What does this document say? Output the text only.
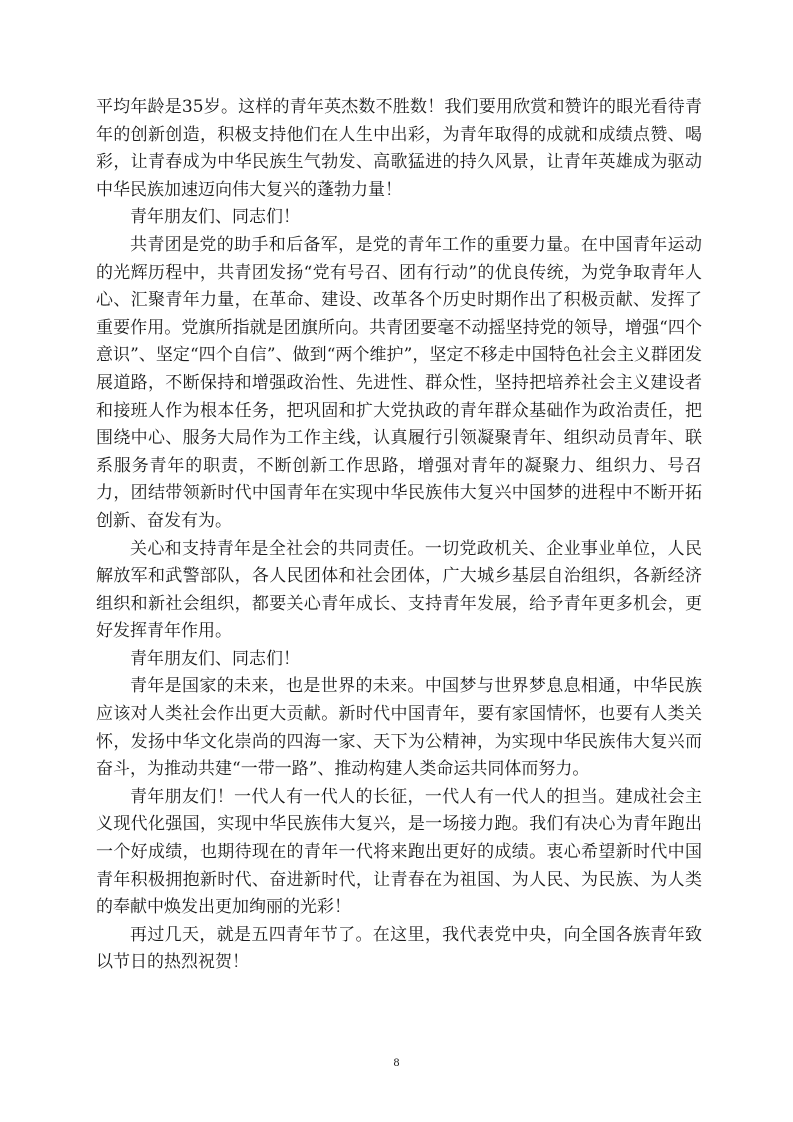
平均年龄是35岁。这样的青年英杰数不胜数！我们要用欣赏和赞许的眼光看待青年的创新创造，积极支持他们在人生中出彩，为青年取得的成就和成绩点赞、喝彩，让青春成为中华民族生气勃发、高歌猛进的持久风景，让青年英雄成为驱动中华民族加速迈向伟大复兴的蓬勃力量！

青年朋友们、同志们！

共青团是党的助手和后备军，是党的青年工作的重要力量。在中国青年运动的光辉历程中，共青团发扬“党有号召、团有行动”的优良传统，为党争取青年人心、汇聚青年力量，在革命、建设、改革各个历史时期作出了积极贡献、发挥了重要作用。党旗所指就是团旗所向。共青团要毫不动摇坚持党的领导，增强“四个意识”、坚定“四个自信”、做到“两个维护”，坚定不移走中国特色社会主义群团发展道路，不断保持和增强政治性、先进性、群众性，坚持把培养社会主义建设者和接班人作为根本任务，把巩固和扩大党执政的青年群众基础作为政治责任，把围绕中心、服务大局作为工作主线，认真履行引领凝聚青年、组织动员青年、联系服务青年的职责，不断创新工作思路，增强对青年的凝聚力、组织力、号召力，团结带领新时代中国青年在实现中华民族伟大复兴中国梦的进程中不断开拓创新、奋发有为。

关心和支持青年是全社会的共同责任。一切党政机关、企业事业单位，人民解放军和武警部队，各人民团体和社会团体，广大城乡基层自治组织，各新经济组织和新社会组织，都要关心青年成长、支持青年发展，给予青年更多机会，更好发挥青年作用。

青年朋友们、同志们！

青年是国家的未来，也是世界的未来。中国梦与世界梦息息相通，中华民族应该对人类社会作出更大贡献。新时代中国青年，要有家国情怀，也要有人类关怀，发扬中华文化崇尚的四海一家、天下为公精神，为实现中华民族伟大复兴而奋斗，为推动共建“一带一路”、推动构建人类命运共同体而努力。

青年朋友们！一代人有一代人的长征，一代人有一代人的担当。建成社会主义现代化强国，实现中华民族伟大复兴，是一场接力跑。我们有决心为青年跑出一个好成绩，也期待现在的青年一代将来跑出更好的成绩。衷心希望新时代中国青年积极拥抱新时代、奋进新时代，让青春在为祖国、为人民、为民族、为人类的奉献中焕发出更加绚丽的光彩！

再过几天，就是五四青年节了。在这里，我代表党中央，向全国各族青年致以节日的热烈祝贺！

8
